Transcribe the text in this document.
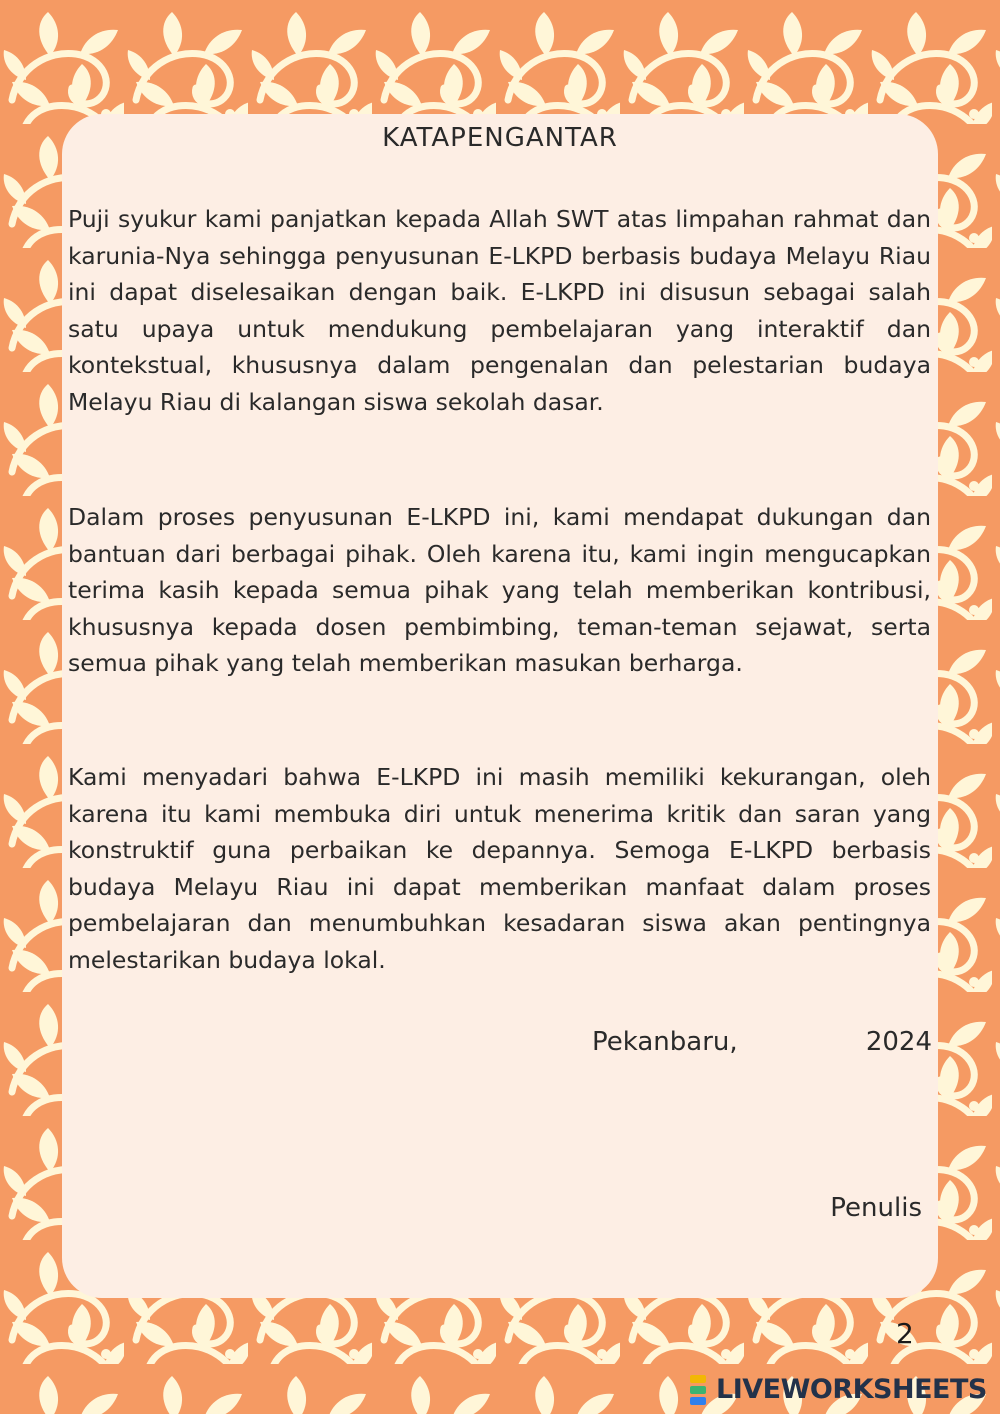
KATAPENGANTAR

Puji syukur kami panjatkan kepada Allah SWT atas limpahan rahmat dan karunia-Nya sehingga penyusunan E-LKPD berbasis budaya Melayu Riau ini dapat diselesaikan dengan baik. E-LKPD ini disusun sebagai salah satu upaya untuk mendukung pembelajaran yang interaktif dan kontekstual, khususnya dalam pengenalan dan pelestarian budaya Melayu Riau di kalangan siswa sekolah dasar.

Dalam proses penyusunan E-LKPD ini, kami mendapat dukungan dan bantuan dari berbagai pihak. Oleh karena itu, kami ingin mengucapkan terima kasih kepada semua pihak yang telah memberikan kontribusi, khususnya kepada dosen pembimbing, teman-teman sejawat, serta semua pihak yang telah memberikan masukan berharga.

Kami menyadari bahwa E-LKPD ini masih memiliki kekurangan, oleh karena itu kami membuka diri untuk menerima kritik dan saran yang konstruktif guna perbaikan ke depannya. Semoga E-LKPD berbasis budaya Melayu Riau ini dapat memberikan manfaat dalam proses pembelajaran dan menumbuhkan kesadaran siswa akan pentingnya melestarikan budaya lokal.

Pekanbaru,	2024
Penulis
2
LIVEWORKSHEETS
